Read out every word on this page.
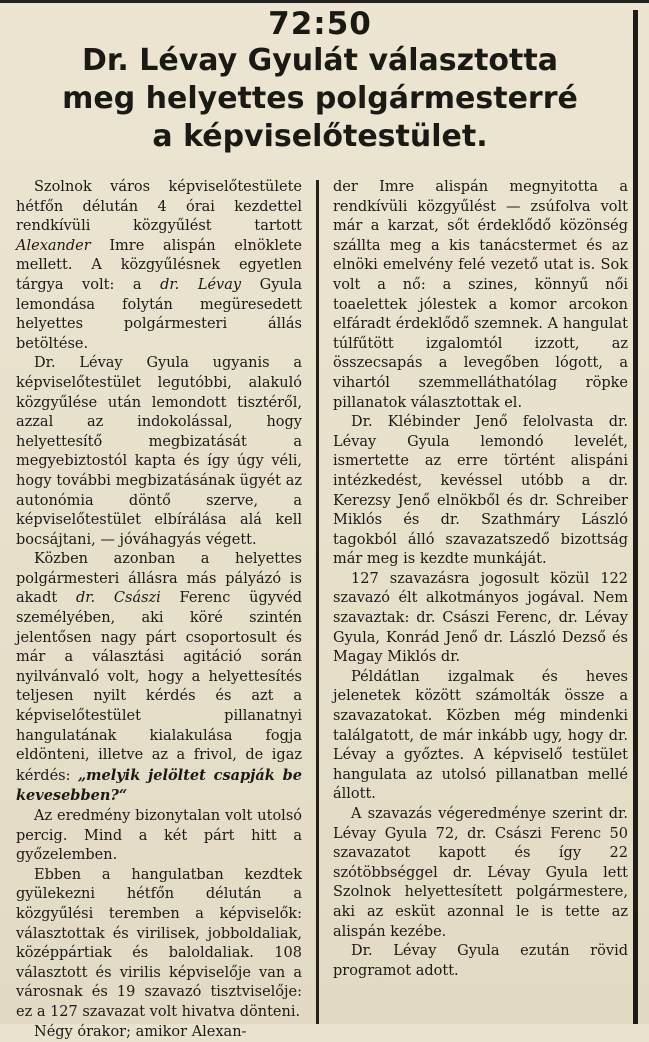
72:50
Dr. Lévay Gyulát választotta
meg helyettes polgármesterré
a képviselőtestület.

Szolnok város képviselőtestülete hétfőn délután 4 órai kezdettel rendkívüli közgyűlést tartott Alexander Imre alispán elnöklete mellett. A közgyűlésnek egyetlen tárgya volt: a dr. Lévay Gyula lemondása folytán megüresedett helyettes polgármesteri állás betöltése.

Dr. Lévay Gyula ugyanis a képviselőtestület legutóbbi, alakuló közgyűlése után lemondott tisztéről, azzal az indokolással, hogy helyettesítő megbizatását a megyebiztostól kapta és így úgy véli, hogy további megbizatásának ügyét az autonómia döntő szerve, a képviselőtestület elbírálása alá kell bocsájtani, — jóváhagyás végett.

Közben azonban a helyettes polgármesteri állásra más pályázó is akadt dr. Császi Ferenc ügyvéd személyében, aki köré szintén jelentősen nagy párt csoportosult és már a választási agitáció során nyilvánvaló volt, hogy a helyettesítés teljesen nyilt kérdés és azt a képviselőtestület pillanatnyi hangulatának kialakulása fogja eldönteni, illetve az a frivol, de igaz kérdés: „melyik jelöltet csapják be kevesebben?“

Az eredmény bizonytalan volt utolsó percig. Mind a két párt hitt a győzelemben.

Ebben a hangulatban kezdtek gyülekezni hétfőn délután a közgyűlési teremben a képviselők: választottak és virilisek, jobboldaliak, középpártiak és baloldaliak. 108 választott és virilis képviselője van a városnak és 19 szavazó tisztviselője: ez a 127 szavazat volt hivatva dönteni.

Négy órakor; amikor Alexan-

der Imre alispán megnyitotta a rendkívüli közgyűlést — zsúfolva volt már a karzat, sőt érdeklődő közönség szállta meg a kis tanácstermet és az elnöki emelvény felé vezető utat is. Sok volt a nő: a szines, könnyű női toaelettek jólestek a komor arcokon elfáradt érdeklődő szemnek. A hangulat túlfűtött izgalomtól izzott, az összecsapás a levegőben lógott, a vihartól szemmelláthatólag röpke pillanatok választottak el.

Dr. Klébinder Jenő felolvasta dr. Lévay Gyula lemondó levelét, ismertette az erre történt alispáni intézkedést, kevéssel utóbb a dr. Kerezsy Jenő elnökből és dr. Schreiber Miklós és dr. Szathmáry László tagokból álló szavazatszedő bizottság már meg is kezdte munkáját.

127 szavazásra jogosult közül 122 szavazó élt alkotmányos jogával. Nem szavaztak: dr. Császi Ferenc, dr. Lévay Gyula, Konrád Jenő dr. László Dezső és Magay Miklós dr.

Példátlan izgalmak és heves jelenetek között számolták össze a szavazatokat. Közben még mindenki találgatott, de már inkább ugy, hogy dr. Lévay a győztes. A képviselő testület hangulata az utolsó pillanatban mellé állott.

A szavazás végeredménye szerint dr. Lévay Gyula 72, dr. Császi Ferenc 50 szavazatot kapott és így 22 szótöbbséggel dr. Lévay Gyula lett Szolnok helyettesített polgármestere, aki az esküt azonnal le is tette az alispán kezébe.

Dr. Lévay Gyula ezután rövid programot adott.
